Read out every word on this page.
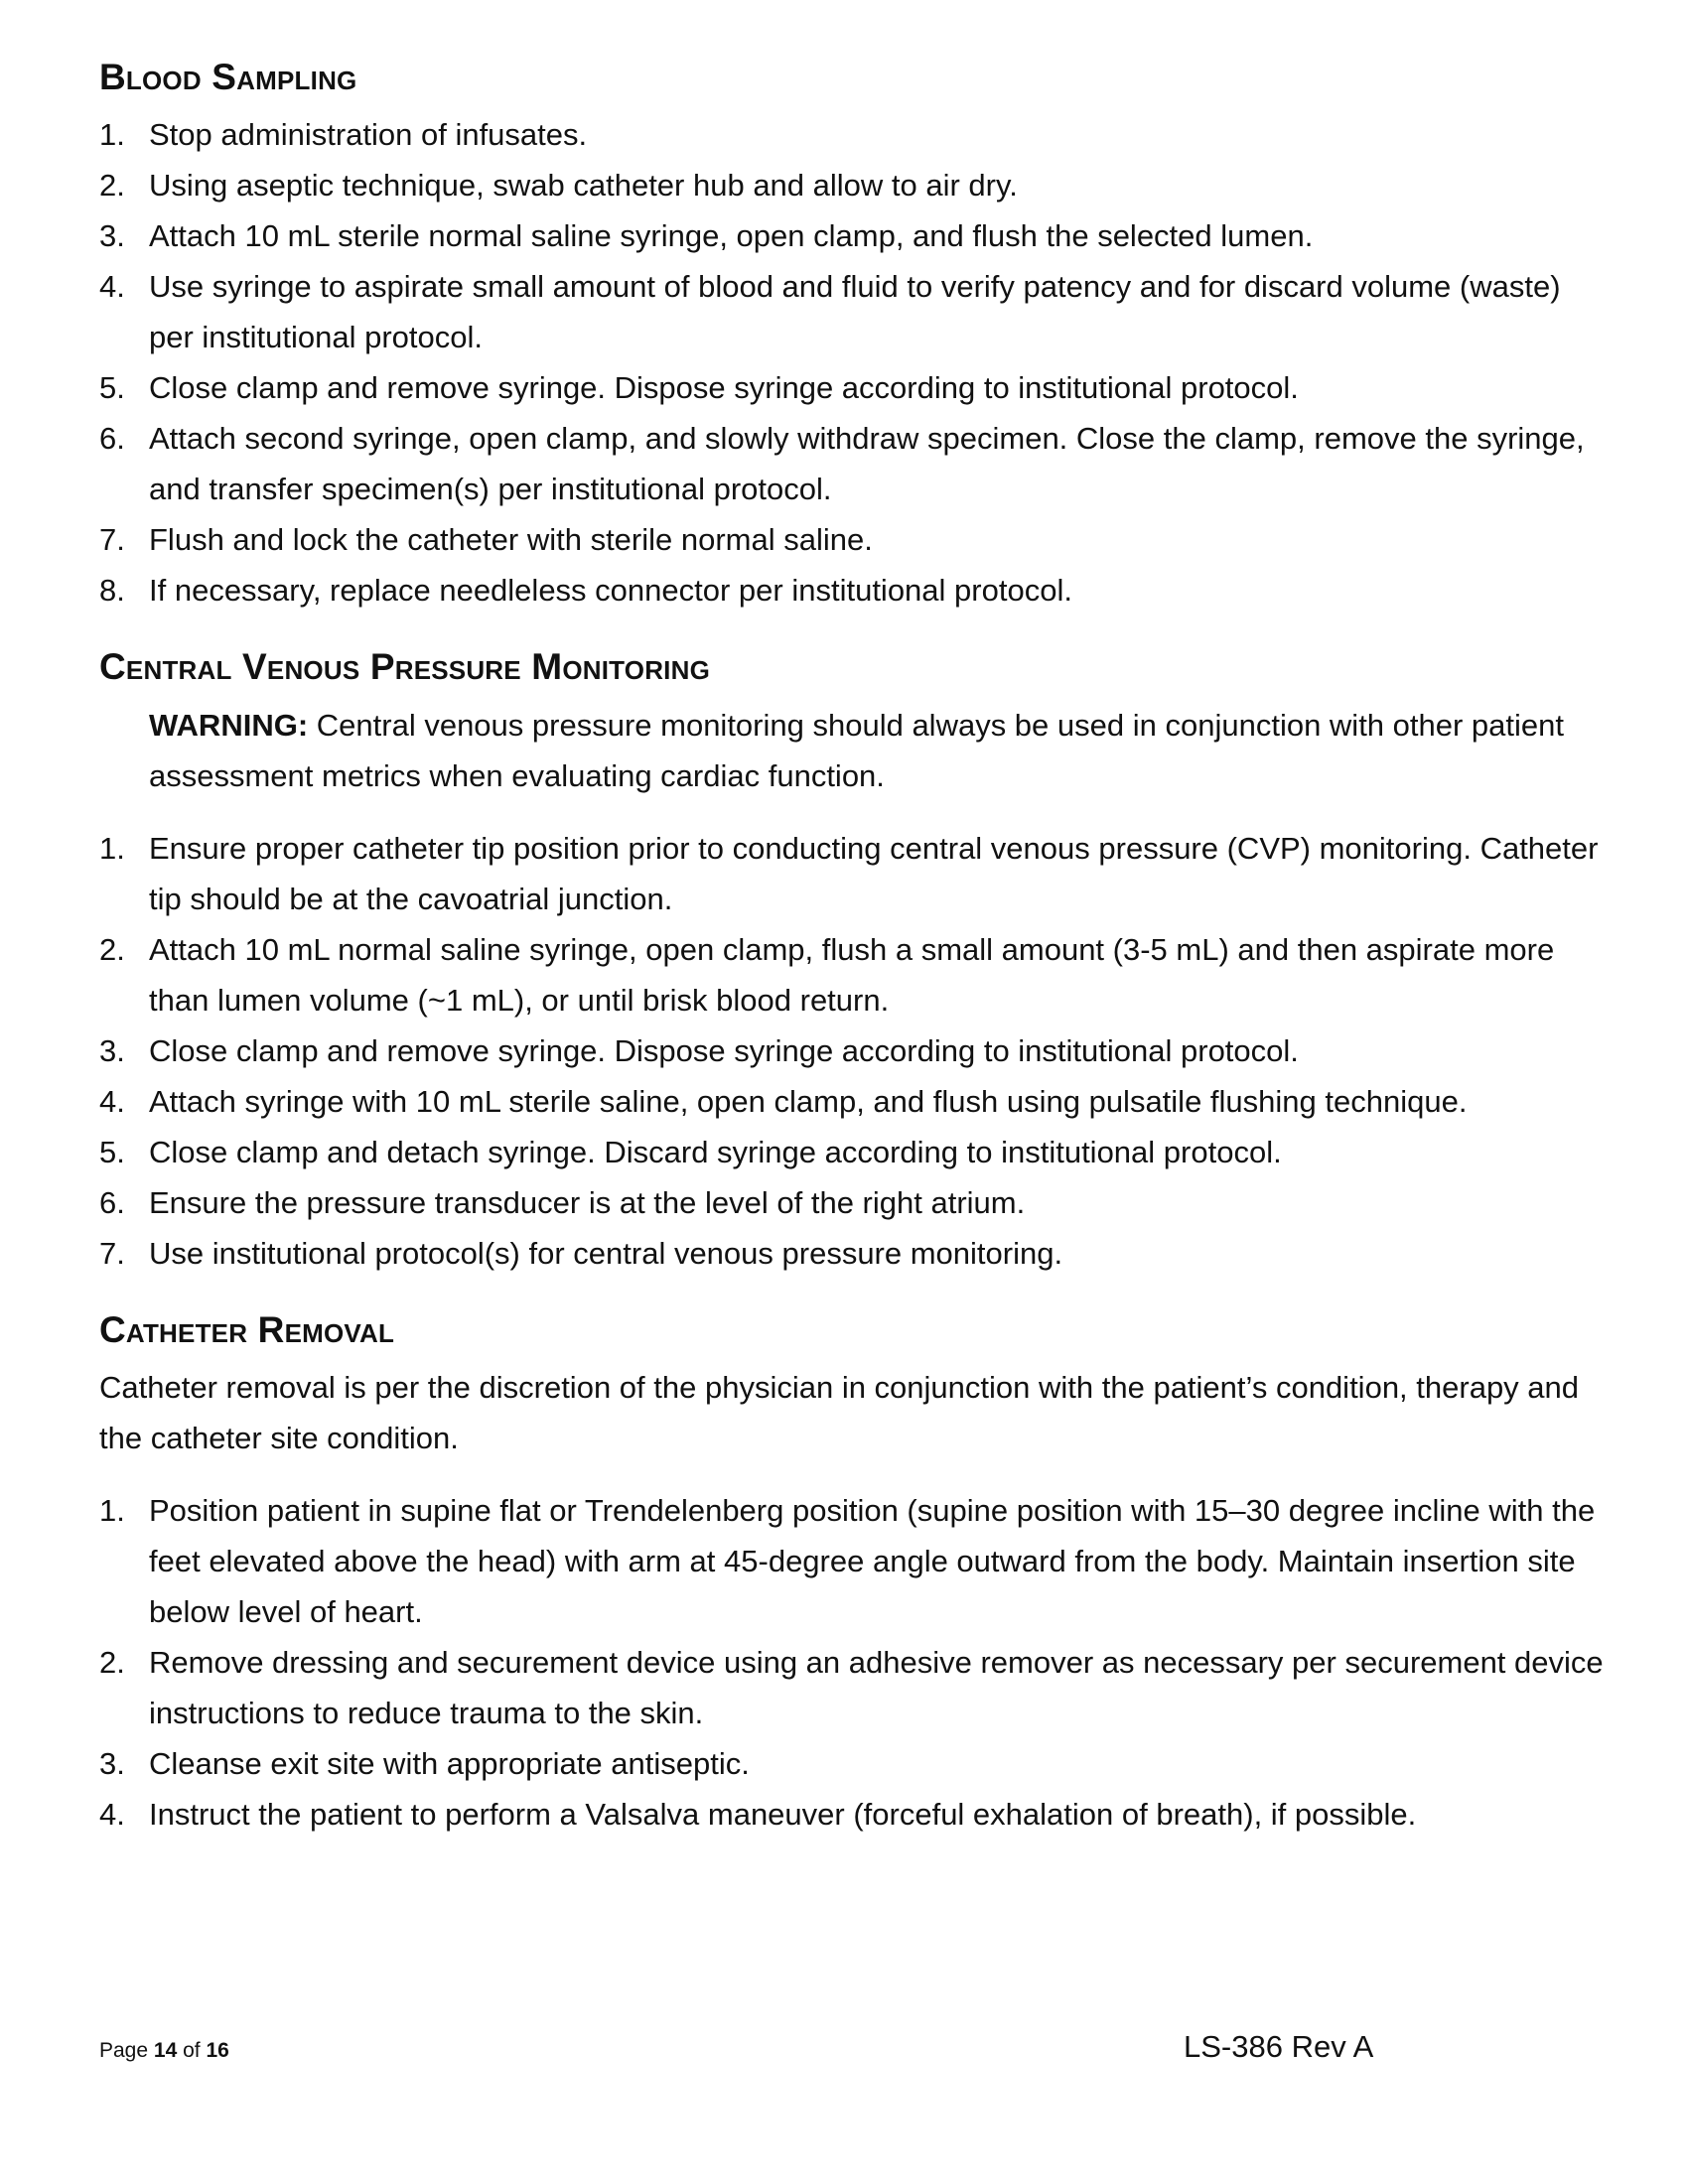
Blood Sampling
1. Stop administration of infusates.
2. Using aseptic technique, swab catheter hub and allow to air dry.
3. Attach 10 mL sterile normal saline syringe, open clamp, and flush the selected lumen.
4. Use syringe to aspirate small amount of blood and fluid to verify patency and for discard volume (waste) per institutional protocol.
5. Close clamp and remove syringe. Dispose syringe according to institutional protocol.
6. Attach second syringe, open clamp, and slowly withdraw specimen. Close the clamp, remove the syringe, and transfer specimen(s) per institutional protocol.
7. Flush and lock the catheter with sterile normal saline.
8. If necessary, replace needleless connector per institutional protocol.
Central Venous Pressure Monitoring

WARNING: Central venous pressure monitoring should always be used in conjunction with other patient assessment metrics when evaluating cardiac function.

1. Ensure proper catheter tip position prior to conducting central venous pressure (CVP) monitoring. Catheter tip should be at the cavoatrial junction.
2. Attach 10 mL normal saline syringe, open clamp, flush a small amount (3-5 mL) and then aspirate more than lumen volume (~1 mL), or until brisk blood return.
3. Close clamp and remove syringe. Dispose syringe according to institutional protocol.
4. Attach syringe with 10 mL sterile saline, open clamp, and flush using pulsatile flushing technique.
5. Close clamp and detach syringe. Discard syringe according to institutional protocol.
6. Ensure the pressure transducer is at the level of the right atrium.
7. Use institutional protocol(s) for central venous pressure monitoring.
Catheter Removal

Catheter removal is per the discretion of the physician in conjunction with the patient’s condition, therapy and the catheter site condition.

1. Position patient in supine flat or Trendelenberg position (supine position with 15–30 degree incline with the feet elevated above the head) with arm at 45-degree angle outward from the body. Maintain insertion site below level of heart.
2. Remove dressing and securement device using an adhesive remover as necessary per securement device instructions to reduce trauma to the skin.
3. Cleanse exit site with appropriate antiseptic.
4. Instruct the patient to perform a Valsalva maneuver (forceful exhalation of breath), if possible.
Page 14 of 16	LS-386 Rev A
